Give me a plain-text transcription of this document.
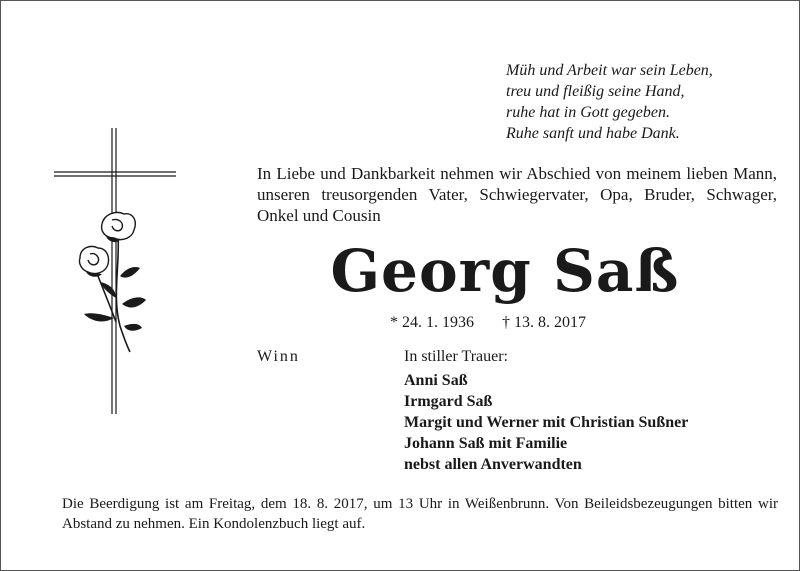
Müh und Arbeit war sein Leben,
treu und fleißig seine Hand,
ruhe hat in Gott gegeben.
Ruhe sanft und habe Dank.
In Liebe und Dankbarkeit nehmen wir Abschied von meinem lieben Mann, unseren treusorgenden Vater, Schwiegervater, Opa, Bruder, Schwager, Onkel und Cousin
Georg Saß
* 24. 1. 1936 † 13. 8. 2017
Winn	In stiller Trauer:
Anni Saß
Irmgard Saß
Margit und Werner mit Christian Sußner
Johann Saß mit Familie
nebst allen Anverwandten
Die Beerdigung ist am Freitag, dem 18. 8. 2017, um 13 Uhr in Weißenbrunn. Von Beileidsbezeugungen bitten wir Abstand zu nehmen. Ein Kondolenzbuch liegt auf.
